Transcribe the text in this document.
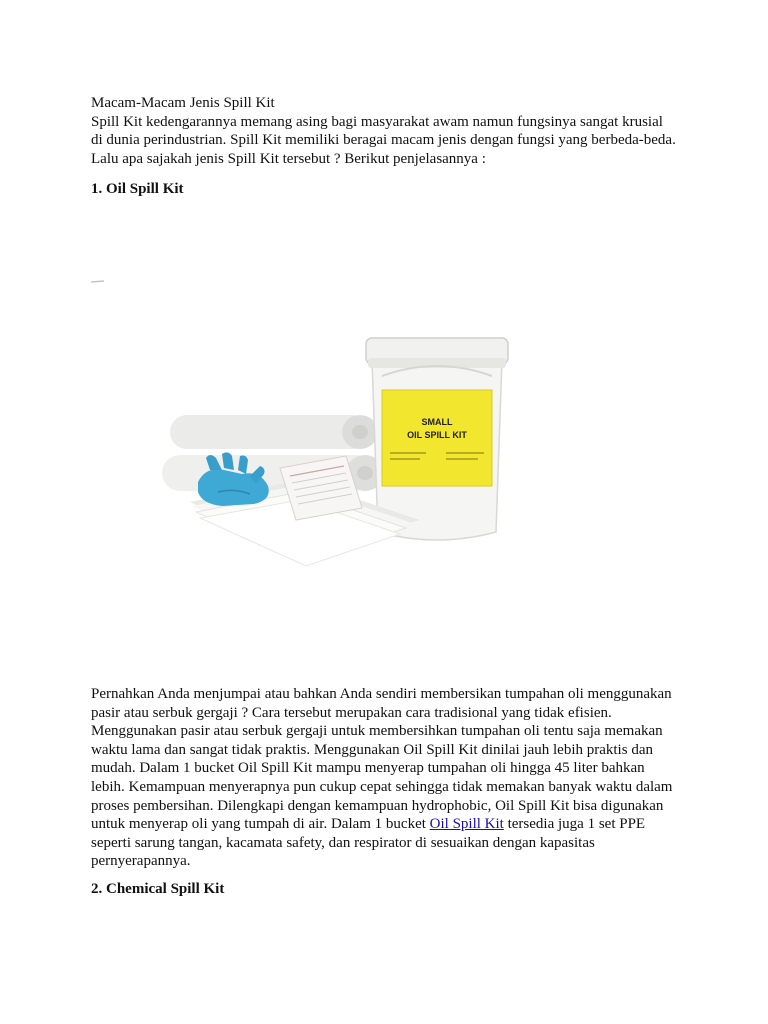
Macam-Macam Jenis Spill Kit
Spill Kit kedengarannya memang asing bagi masyarakat awam namun fungsinya sangat krusial
di dunia perindustrian. Spill Kit memiliki beragai macam jenis dengan fungsi yang berbeda-beda.
Lalu apa sajakah jenis Spill Kit tersebut ? Berikut penjelasannya :
1. Oil Spill Kit
SMALL
OIL SPILL KIT
Pernahkan Anda menjumpai atau bahkan Anda sendiri membersikan tumpahan oli menggunakan
pasir atau serbuk gergaji ? Cara tersebut merupakan cara tradisional yang tidak efisien.
Menggunakan pasir atau serbuk gergaji untuk membersihkan tumpahan oli tentu saja memakan
waktu lama dan sangat tidak praktis. Menggunakan Oil Spill Kit dinilai jauh lebih praktis dan
mudah. Dalam 1 bucket Oil Spill Kit mampu menyerap tumpahan oli hingga 45 liter bahkan
lebih. Kemampuan menyerapnya pun cukup cepat sehingga tidak memakan banyak waktu dalam
proses pembersihan. Dilengkapi dengan kemampuan hydrophobic, Oil Spill Kit bisa digunakan
untuk menyerap oli yang tumpah di air. Dalam 1 bucket Oil Spill Kit tersedia juga 1 set PPE
seperti sarung tangan, kacamata safety, dan respirator di sesuaikan dengan kapasitas
pernyerapannya.
2. Chemical Spill Kit
